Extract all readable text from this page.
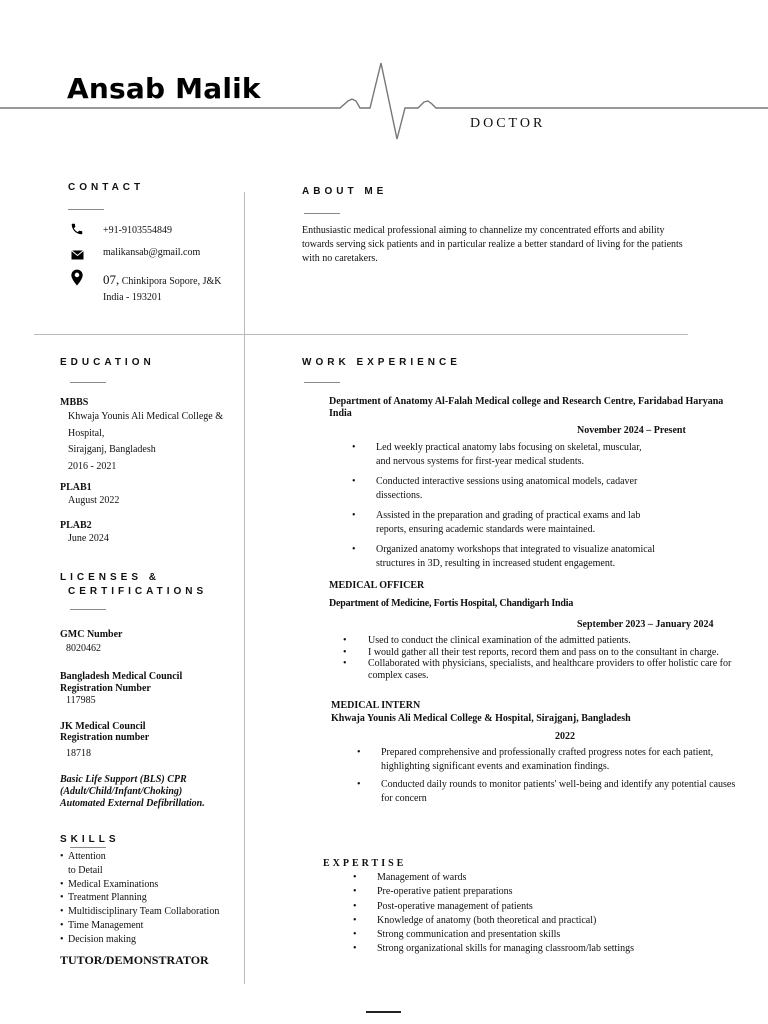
Ansab Malik
DOCTOR
CONTACT
+91-9103554849
malikansab@gmail.com
07, Chinkipora Sopore, J&K
India - 193201
ABOUT ME
Enthusiastic medical professional aiming to channelize my concentrated efforts and ability
towards serving sick patients and in particular realize a better standard of living for the patients
with no caretakers.
EDUCATION
MBBS
Khwaja Younis Ali Medical College &
Hospital,
Sirajganj, Bangladesh
2016 - 2021
PLAB1
August 2022
PLAB2
June 2024
LICENSES &
CERTIFICATIONS
GMC Number
8020462
Bangladesh Medical Council
Registration Number
117985
JK Medical Council
Registration number
18718
Basic Life Support (BLS) CPR
(Adult/Child/Infant/Choking)
Automated External Defibrillation.
SKILLS
• Attention
to Detail
• Medical Examinations
• Treatment Planning
• Multidisciplinary Team Collaboration
• Time Management
• Decision making
TUTOR/DEMONSTRATOR
WORK EXPERIENCE
Department of Anatomy Al-Falah Medical college and Research Centre, Faridabad Haryana
India
November 2024 – Present
• Led weekly practical anatomy labs focusing on skeletal, muscular,
and nervous systems for first-year medical students.
• Conducted interactive sessions using anatomical models, cadaver
dissections.
• Assisted in the preparation and grading of practical exams and lab
reports, ensuring academic standards were maintained.
• Organized anatomy workshops that integrated to visualize anatomical
structures in 3D, resulting in increased student engagement.
MEDICAL OFFICER
Department of Medicine, Fortis Hospital, Chandigarh India
September 2023 – January 2024
• Used to conduct the clinical examination of the admitted patients.
• I would gather all their test reports, record them and pass on to the consultant in charge.
• Collaborated with physicians, specialists, and healthcare providers to offer holistic care for
complex cases.
MEDICAL INTERN
Khwaja Younis Ali Medical College & Hospital, Sirajganj, Bangladesh
2022
• Prepared comprehensive and professionally crafted progress notes for each patient,
highlighting significant events and examination findings.
• Conducted daily rounds to monitor patients' well-being and identify any potential causes
for concern
EXPERTISE
• Management of wards
• Pre-operative patient preparations
• Post-operative management of patients
• Knowledge of anatomy (both theoretical and practical)
• Strong communication and presentation skills
• Strong organizational skills for managing classroom/lab settings
